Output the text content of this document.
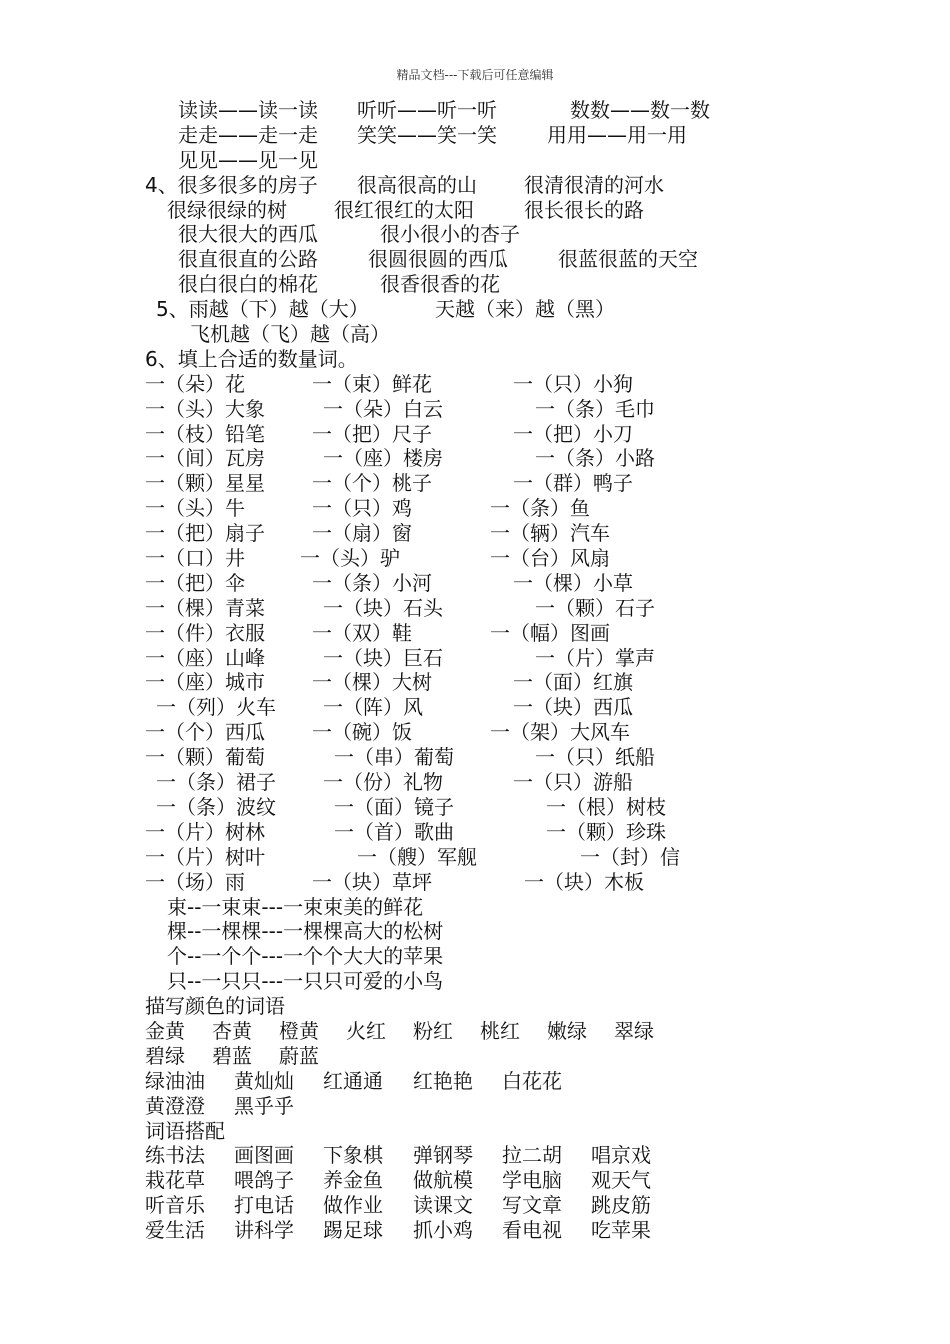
精品文档---下载后可任意编辑
读读——读一读 听听——听一听	数数——数一数
走走——走一走 笑笑——笑一笑	用用——用一用
见见——见一见
4、很多很多的房子 很高很高的山 很清很清的河水
很绿很绿的树 很红很红的太阳	很长很长的路
很大很大的西瓜	很小很小的杏子
很直很直的公路	很圆很圆的西瓜	很蓝很蓝的天空
很白很白的棉花	很香很香的花
5、雨越（下）越（大）	天越（来）越（黑）
飞机越（飞）越（高）
6、填上合适的数量词。
一（朵）花	一（束）鲜花	一（只）小狗
一（头）大象	一（朵）白云	一（条）毛巾
一（枝）铅笔 一（把）尺子	一（把）小刀
一（间）瓦房	一（座）楼房	一（条）小路
一（颗）星星 一（个）桃子	一（群）鸭子
一（头）牛	一（只）鸡	一（条）鱼
一（把）扇子 一（扇）窗	一（辆）汽车
一（口）井	一（头）驴	一（台）风扇
一（把）伞	一（条）小河	一（棵）小草
一（棵）青菜	一（块）石头	一（颗）石子
一（件）衣服 一（双）鞋	一（幅）图画
一（座）山峰	一（块）巨石	一（片）掌声
一（座）城市 一（棵）大树	一（面）红旗
一（列）火车 一（阵）风	一（块）西瓜
一（个）西瓜 一（碗）饭	一（架）大风车
一（颗）葡萄	一（串）葡萄	一（只）纸船
一（条）裙子 一（份）礼物	一（只）游船
一（条）波纹	一（面）镜子	一（根）树枝
一（片）树林	一（首）歌曲	一（颗）珍珠
一（片）树叶	一（艘）军舰	一（封）信
一（场）雨	一（块）草坪	一（块）木板
束--一束束---一束束美的鲜花
棵--一棵棵---一棵棵高大的松树
个--一个个---一个个大大的苹果
只--一只只---一只只可爱的小鸟
描写颜色的词语
金黄 杏黄 橙黄 火红 粉红 桃红 嫩绿 翠绿
碧绿 碧蓝 蔚蓝
绿油油 黄灿灿 红通通 红艳艳 白花花
黄澄澄 黑乎乎
词语搭配
练书法 画图画 下象棋 弹钢琴 拉二胡 唱京戏
栽花草 喂鸽子 养金鱼 做航模 学电脑 观天气
听音乐 打电话 做作业 读课文 写文章 跳皮筋
爱生活 讲科学 踢足球 抓小鸡 看电视 吃苹果
